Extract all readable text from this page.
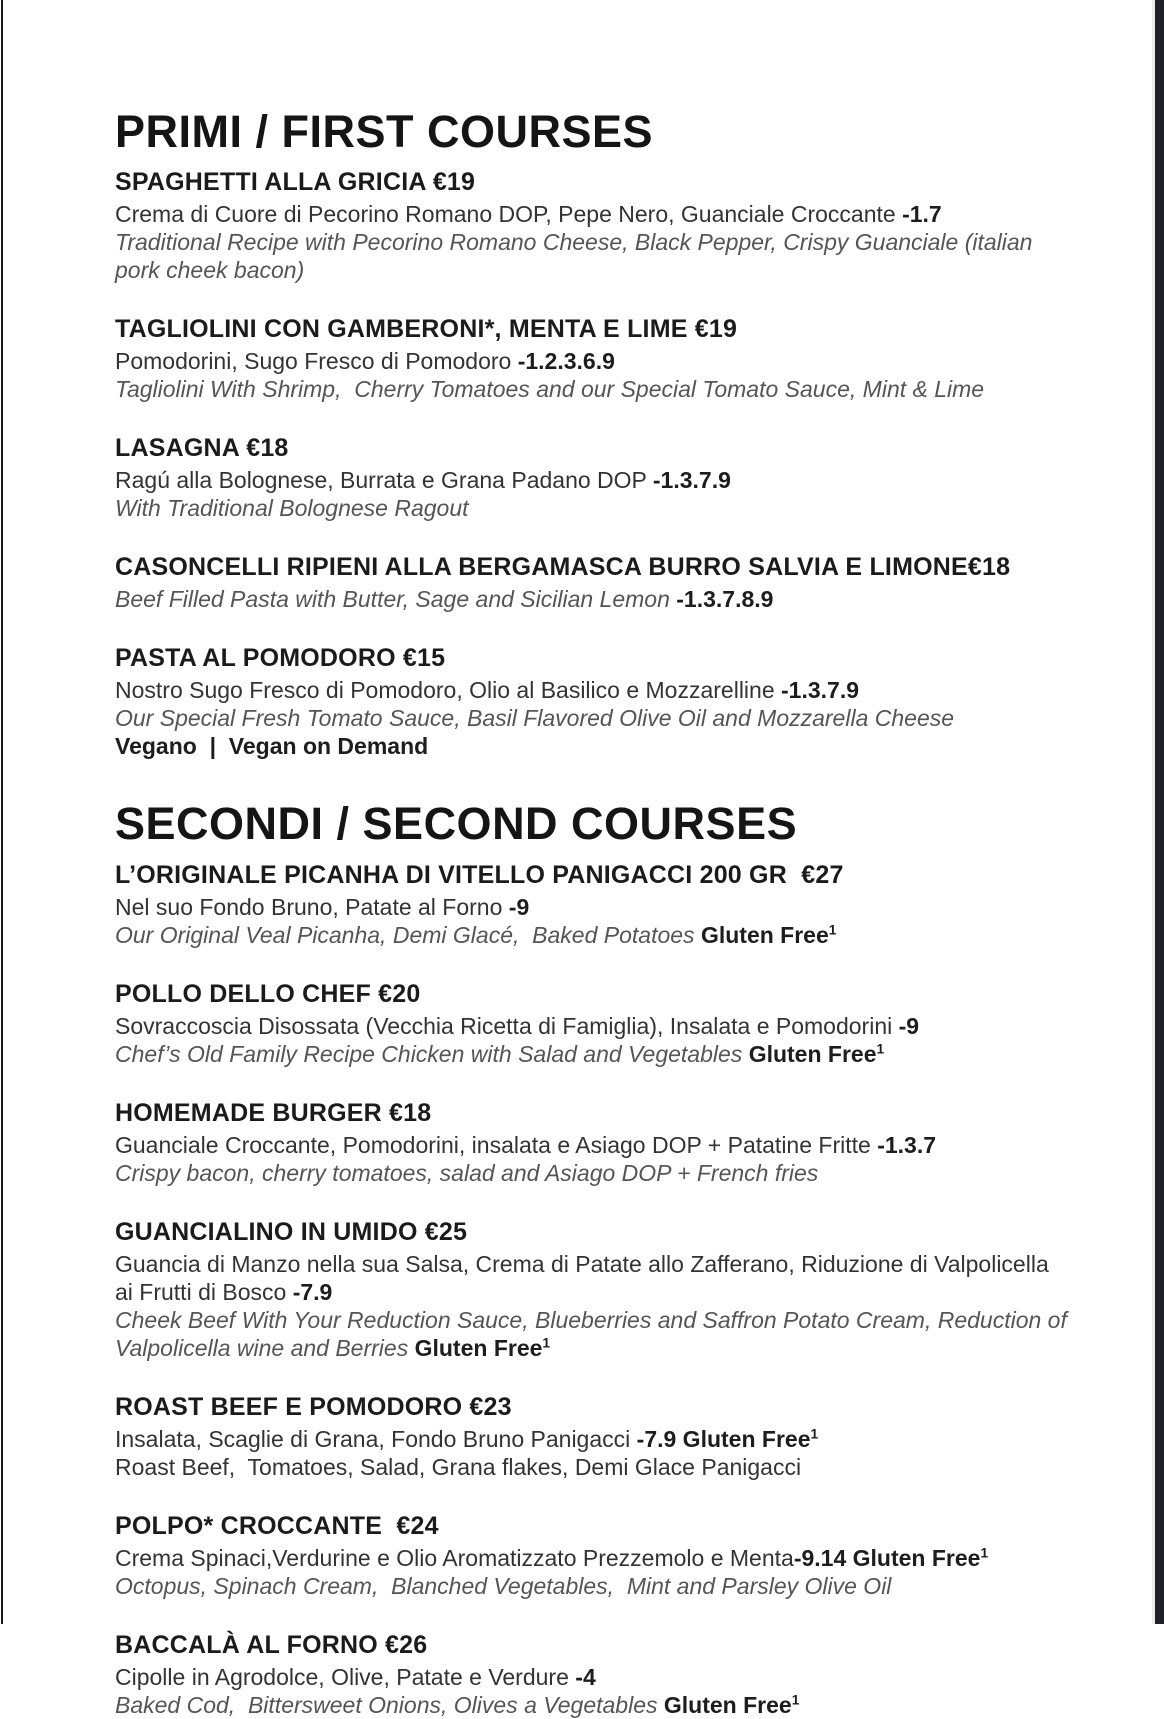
PRIMI / FIRST COURSES
SPAGHETTI ALLA GRICIA €19
Crema di Cuore di Pecorino Romano DOP, Pepe Nero, Guanciale Croccante -1.7
Traditional Recipe with Pecorino Romano Cheese, Black Pepper, Crispy Guanciale (italian pork cheek bacon)
TAGLIOLINI CON GAMBERONI*, MENTA E LIME €19
Pomodorini, Sugo Fresco di Pomodoro -1.2.3.6.9
Tagliolini With Shrimp,  Cherry Tomatoes and our Special Tomato Sauce, Mint & Lime
LASAGNA €18
Ragú alla Bolognese, Burrata e Grana Padano DOP -1.3.7.9
With Traditional Bolognese Ragout
CASONCELLI RIPIENI ALLA BERGAMASCA BURRO SALVIA E LIMONE€18
Beef Filled Pasta with Butter, Sage and Sicilian Lemon -1.3.7.8.9
PASTA AL POMODORO €15
Nostro Sugo Fresco di Pomodoro, Olio al Basilico e Mozzarelline -1.3.7.9
Our Special Fresh Tomato Sauce, Basil Flavored Olive Oil and Mozzarella Cheese
Vegano  |  Vegan on Demand
SECONDI / SECOND COURSES
L’ORIGINALE PICANHA DI VITELLO PANIGACCI 200 GR  €27
Nel suo Fondo Bruno, Patate al Forno -9
Our Original Veal Picanha, Demi Glacé,  Baked Potatoes Gluten Free$^1$
POLLO DELLO CHEF €20
Sovraccoscia Disossata (Vecchia Ricetta di Famiglia), Insalata e Pomodorini -9
Chef’s Old Family Recipe Chicken with Salad and Vegetables Gluten Free$^1$
HOMEMADE BURGER €18
Guanciale Croccante, Pomodorini, insalata e Asiago DOP + Patatine Fritte -1.3.7
Crispy bacon, cherry tomatoes, salad and Asiago DOP + French fries
GUANCIALINO IN UMIDO €25
Guancia di Manzo nella sua Salsa, Crema di Patate allo Zafferano, Riduzione di Valpolicella ai Frutti di Bosco -7.9
Cheek Beef With Your Reduction Sauce, Blueberries and Saffron Potato Cream, Reduction of Valpolicella wine and Berries Gluten Free$^1$
ROAST BEEF E POMODORO €23
Insalata, Scaglie di Grana, Fondo Bruno Panigacci -7.9 Gluten Free$^1$
Roast Beef,  Tomatoes, Salad, Grana flakes, Demi Glace Panigacci
POLPO* CROCCANTE  €24
Crema Spinaci,Verdurine e Olio Aromatizzato Prezzemolo e Menta-9.14 Gluten Free$^1$
Octopus, Spinach Cream,  Blanched Vegetables,  Mint and Parsley Olive Oil
BACCALÀ AL FORNO €26
Cipolle in Agrodolce, Olive, Patate e Verdure -4
Baked Cod,  Bittersweet Onions, Olives a Vegetables Gluten Free$^1$
